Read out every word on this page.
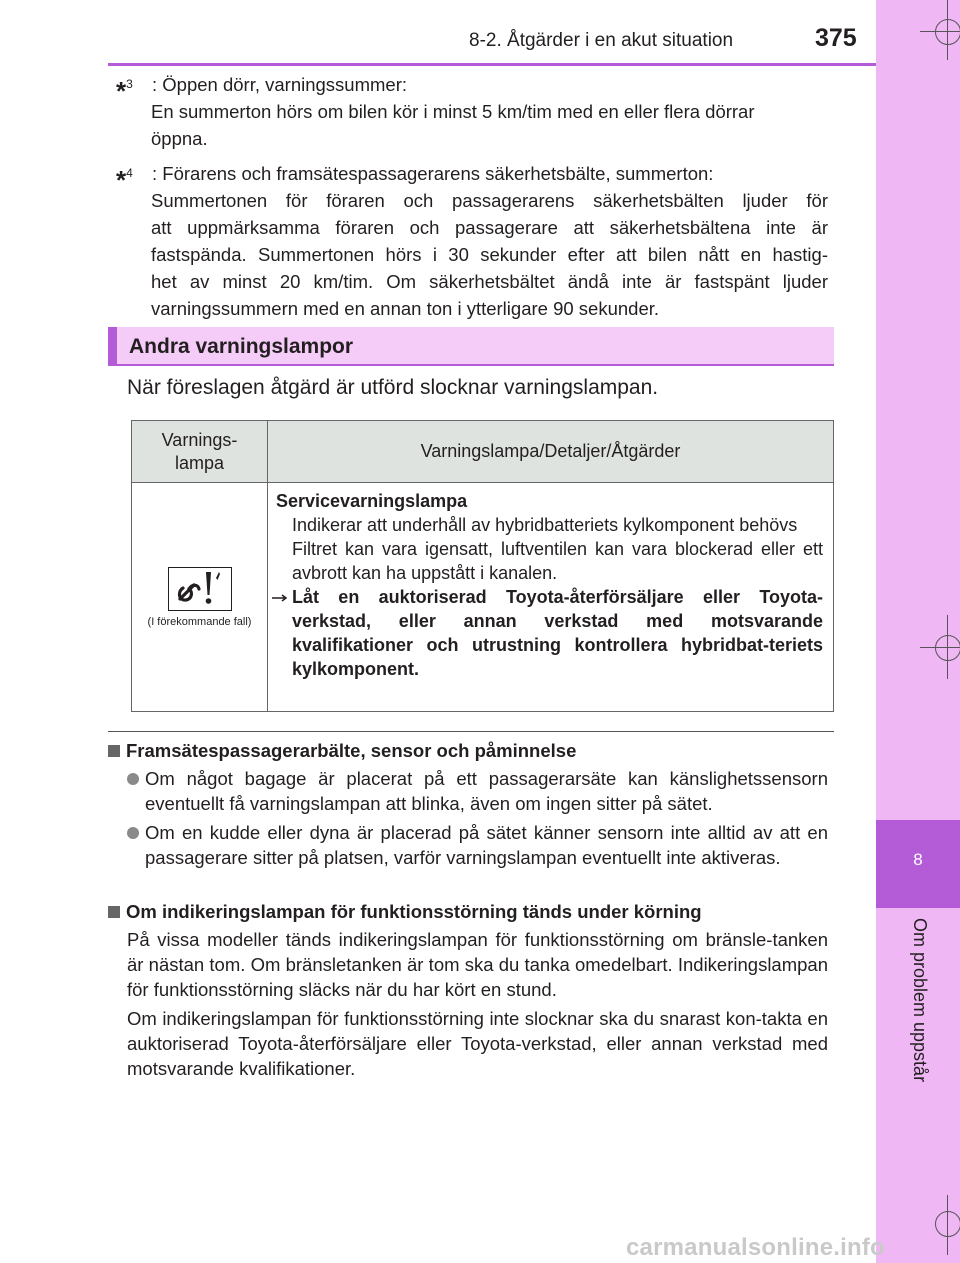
8
Om problem uppstår
8-2. Åtgärder i en akut situation	375
*$^3$ : Öppen dörr, varningssummer:
En summerton hörs om bilen kör i minst 5 km/tim med en eller flera dörrar
öppna.
*$^4$ : Förarens och framsätespassagerarens säkerhetsbälte, summerton:
Summertonen för föraren och passagerarens säkerhetsbälten ljuder för
att uppmärksamma föraren och passagerare att säkerhetsbältena inte är
fastspända. Summertonen hörs i 30 sekunder efter att bilen nått en hastig-
het av minst 20 km/tim. Om säkerhetsbältet ändå inte är fastspänt ljuder
varningssummern med en annan ton i ytterligare 90 sekunder.
Andra varningslampor
När föreslagen åtgärd är utförd slocknar varningslampan.
Varnings-
lampa	Varningslampa/Detaljer/Åtgärder

(I förekommande fall)	Servicevarningslampa
Indikerar att underhåll av hybridbatteriets kylkomponent behövs
Filtret kan vara igensatt, luftventilen kan vara blockerad eller ett avbrott kan ha uppstått i kanalen.
Låt en auktoriserad Toyota-återförsäljare eller Toyota-verkstad, eller annan verkstad med motsvarande kvalifikationer och utrustning kontrollera hybridbat-teriets kylkomponent.
Framsätespassagerarbälte, sensor och påminnelse
Om något bagage är placerat på ett passagerarsäte kan känslighetssensorn eventuellt få varningslampan att blinka, även om ingen sitter på sätet.
Om en kudde eller dyna är placerad på sätet känner sensorn inte alltid av att en passagerare sitter på platsen, varför varningslampan eventuellt inte aktiveras.
Om indikeringslampan för funktionsstörning tänds under körning
På vissa modeller tänds indikeringslampan för funktionsstörning om bränsle-tanken är nästan tom. Om bränsletanken är tom ska du tanka omedelbart. Indikeringslampan för funktionsstörning släcks när du har kört en stund.
Om indikeringslampan för funktionsstörning inte slocknar ska du snarast kon-takta en auktoriserad Toyota-återförsäljare eller Toyota-verkstad, eller annan verkstad med motsvarande kvalifikationer.
carmanualsonline.info
